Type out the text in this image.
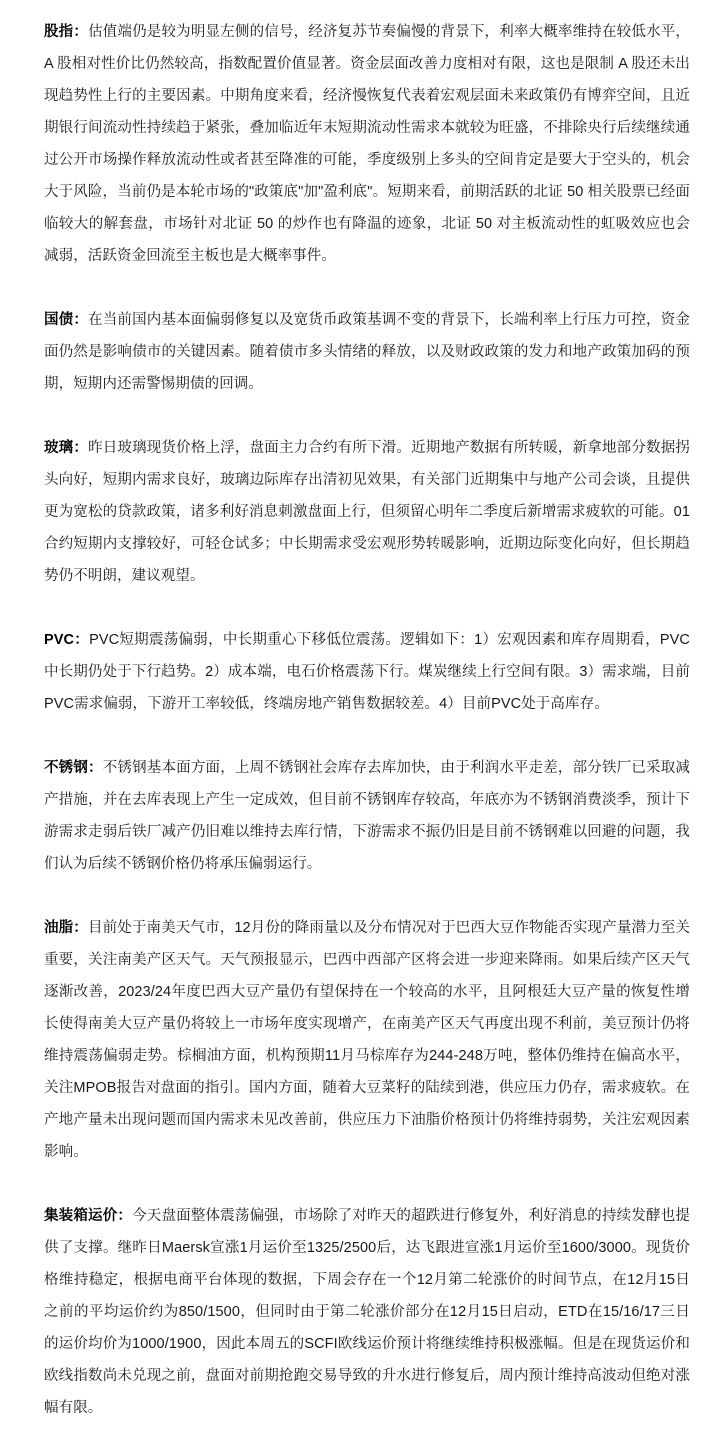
股指：估值端仍是较为明显左侧的信号，经济复苏节奏偏慢的背景下，利率大概率维持在较低水平，A 股相对性价比仍然较高，指数配置价值显著。资金层面改善力度相对有限，这也是限制 A 股还未出现趋势性上行的主要因素。中期角度来看，经济慢恢复代表着宏观层面未来政策仍有博弈空间，且近期银行间流动性持续趋于紧张，叠加临近年末短期流动性需求本就较为旺盛，不排除央行后续继续通过公开市场操作释放流动性或者甚至降准的可能，季度级别上多头的空间肯定是要大于空头的，机会大于风险，当前仍是本轮市场的"政策底"加"盈利底"。短期来看，前期活跃的北证 50 相关股票已经面临较大的解套盘，市场针对北证 50 的炒作也有降温的迹象，北证 50 对主板流动性的虹吸效应也会减弱，活跃资金回流至主板也是大概率事件。

国债：在当前国内基本面偏弱修复以及宽货币政策基调不变的背景下，长端利率上行压力可控，资金面仍然是影响债市的关键因素。随着债市多头情绪的释放，以及财政政策的发力和地产政策加码的预期，短期内还需警惕期债的回调。

玻璃：昨日玻璃现货价格上浮，盘面主力合约有所下滑。近期地产数据有所转暖，新拿地部分数据拐头向好，短期内需求良好，玻璃边际库存出清初见效果，有关部门近期集中与地产公司会谈，且提供更为宽松的贷款政策，诸多利好消息刺激盘面上行，但须留心明年二季度后新增需求疲软的可能。01合约短期内支撑较好，可轻仓试多；中长期需求受宏观形势转暖影响，近期边际变化向好，但长期趋势仍不明朗，建议观望。

PVC：PVC短期震荡偏弱，中长期重心下移低位震荡。逻辑如下：1）宏观因素和库存周期看，PVC中长期仍处于下行趋势。2）成本端，电石价格震荡下行。煤炭继续上行空间有限。3）需求端，目前PVC需求偏弱，下游开工率较低，终端房地产销售数据较差。4）目前PVC处于高库存。

不锈钢：不锈钢基本面方面，上周不锈钢社会库存去库加快，由于利润水平走差，部分铁厂已采取减产措施，并在去库表现上产生一定成效，但目前不锈钢库存较高，年底亦为不锈钢消费淡季，预计下游需求走弱后铁厂减产仍旧难以维持去库行情，下游需求不振仍旧是目前不锈钢难以回避的问题，我们认为后续不锈钢价格仍将承压偏弱运行。

油脂：目前处于南美天气市，12月份的降雨量以及分布情况对于巴西大豆作物能否实现产量潜力至关重要，关注南美产区天气。天气预报显示，巴西中西部产区将会进一步迎来降雨。如果后续产区天气逐渐改善，2023/24年度巴西大豆产量仍有望保持在一个较高的水平，且阿根廷大豆产量的恢复性增长使得南美大豆产量仍将较上一市场年度实现增产，在南美产区天气再度出现不利前，美豆预计仍将维持震荡偏弱走势。棕榈油方面，机构预期11月马棕库存为244-248万吨，整体仍维持在偏高水平，关注MPOB报告对盘面的指引。国内方面，随着大豆菜籽的陆续到港，供应压力仍存，需求疲软。在产地产量未出现问题而国内需求未见改善前，供应压力下油脂价格预计仍将维持弱势，关注宏观因素影响。

集装箱运价：今天盘面整体震荡偏强，市场除了对昨天的超跌进行修复外，利好消息的持续发酵也提供了支撑。继昨日Maersk宣涨1月运价至1325/2500后，达飞跟进宣涨1月运价至1600/3000。现货价格维持稳定，根据电商平台体现的数据，下周会存在一个12月第二轮涨价的时间节点，在12月15日之前的平均运价约为850/1500，但同时由于第二轮涨价部分在12月15日启动，ETD在15/16/17三日的运价均价为1000/1900，因此本周五的SCFI欧线运价预计将继续维持积极涨幅。但是在现货运价和欧线指数尚未兑现之前，盘面对前期抢跑交易导致的升水进行修复后，周内预计维持高波动但绝对涨幅有限。
